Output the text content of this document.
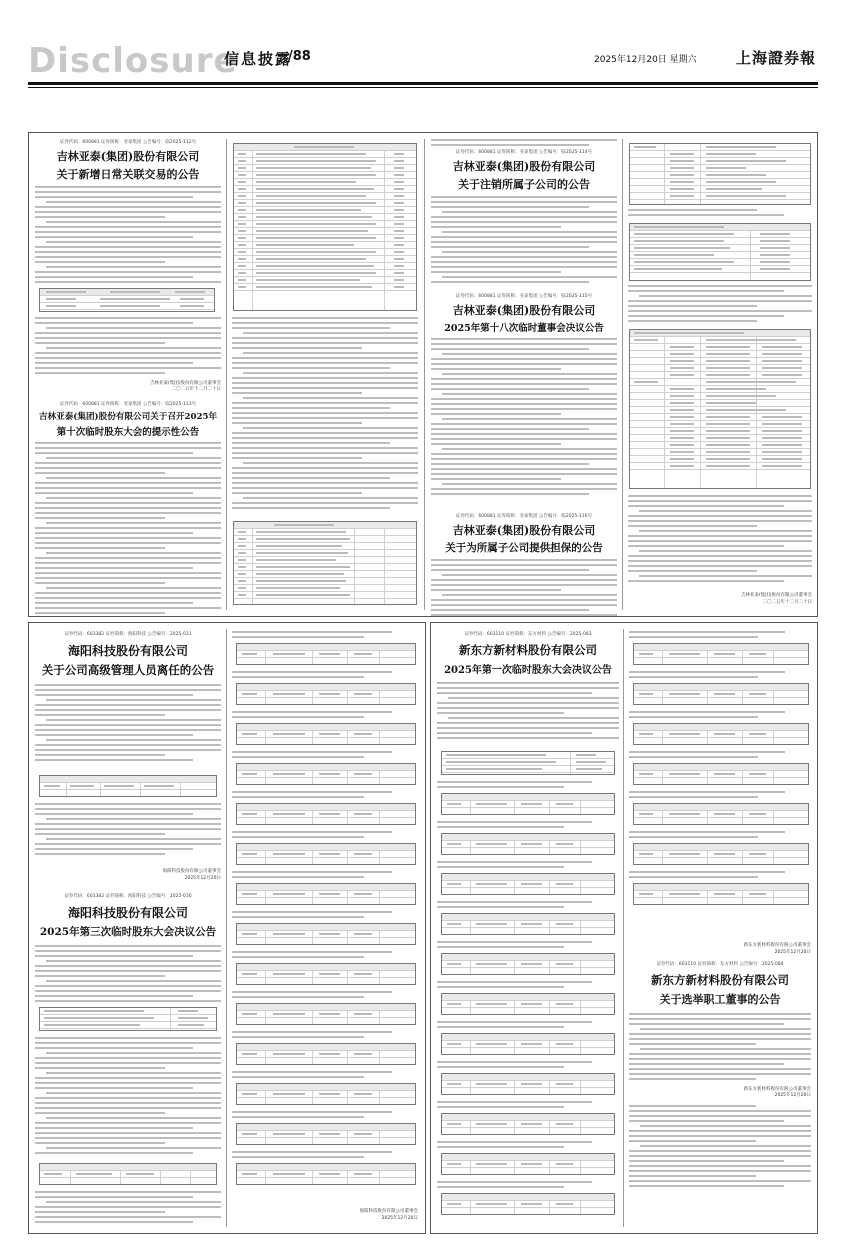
Disclosure
信息披露
/88	2025年12月20日 星期六	上海證券報
证券代码：600881 证券简称：亚泰集团 公告编号：临2025-112号
吉林亚泰(集团)股份有限公司
关于新增日常关联交易的公告
吉林亚泰(集团)股份有限公司董事会
二〇二五年十二月二十日
证券代码：600881 证券简称：亚泰集团 公告编号：临2025-113号
吉林亚泰(集团)股份有限公司关于召开2025年
第十次临时股东大会的提示性公告
证券代码：600881 证券简称：亚泰集团 公告编号：临2025-114号
吉林亚泰(集团)股份有限公司
关于注销所属子公司的公告
证券代码：600881 证券简称：亚泰集团 公告编号：临2025-115号
吉林亚泰(集团)股份有限公司
2025年第十八次临时董事会决议公告
证券代码：600881 证券简称：亚泰集团 公告编号：临2025-116号
吉林亚泰(集团)股份有限公司
关于为所属子公司提供担保的公告
吉林亚泰(集团)股份有限公司董事会
二〇二五年十二月二十日
证券代码：603382 证券简称：海阳科技 公告编号：2025-031
海阳科技股份有限公司
关于公司高级管理人员离任的公告
海阳科技股份有限公司董事会
2025年12月20日
证券代码：603382 证券简称：海阳科技 公告编号：2025-030
海阳科技股份有限公司
2025年第三次临时股东大会决议公告
海阳科技股份有限公司董事会
2025年12月20日
证券代码：603110 证券简称：东方材料 公告编号：2025-083
新东方新材料股份有限公司
2025年第一次临时股东大会决议公告
新东方新材料股份有限公司董事会
2025年12月20日
证券代码：603110 证券简称：东方材料 公告编号：2025-084
新东方新材料股份有限公司
关于选举职工董事的公告
新东方新材料股份有限公司董事会
2025年12月20日
